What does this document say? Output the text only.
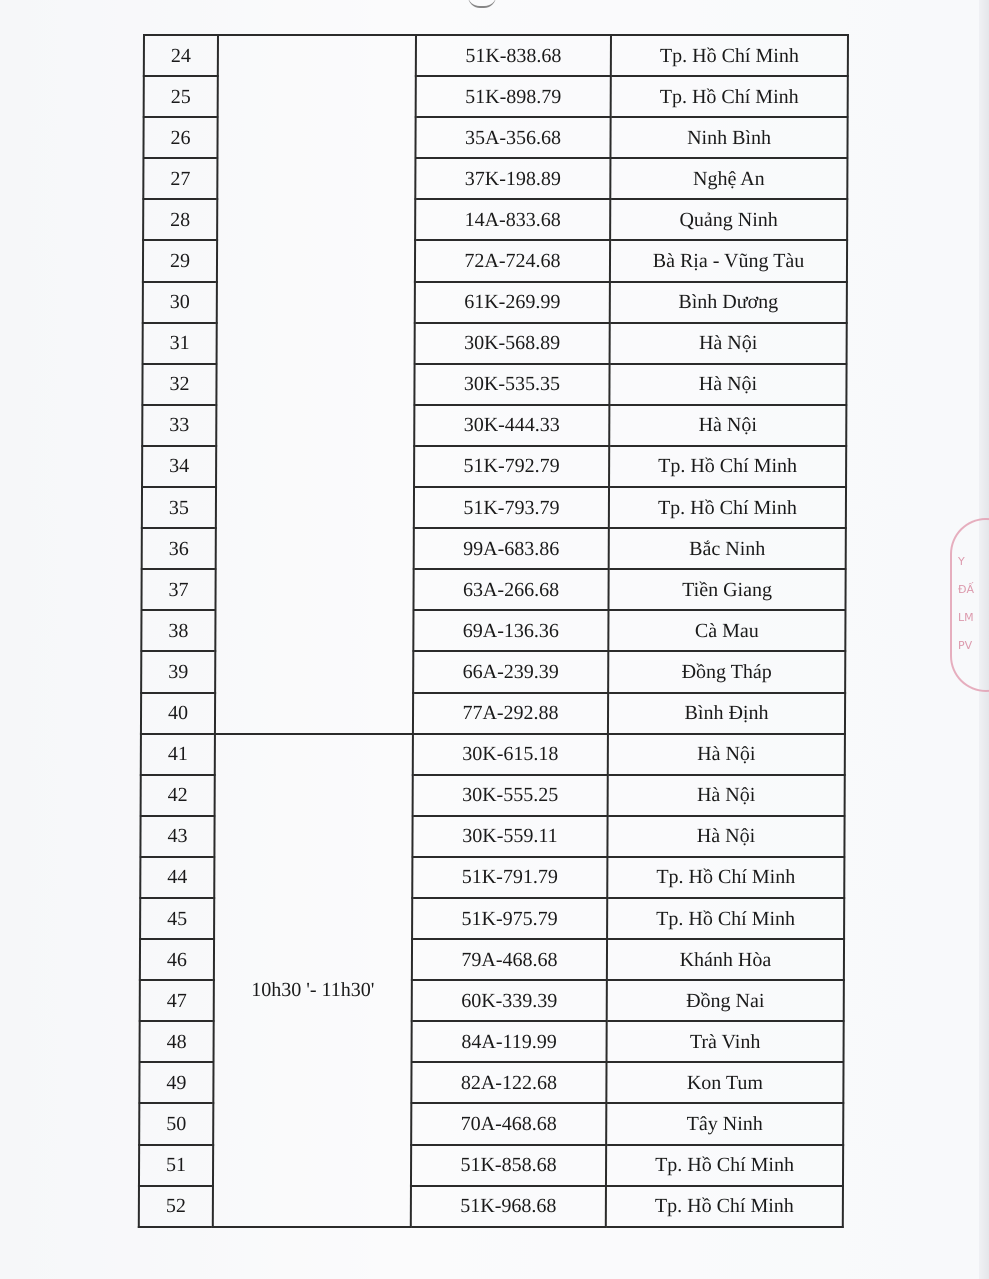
24		51K-838.68	Tp. Hồ Chí Minh
25		51K-898.79	Tp. Hồ Chí Minh
26		35A-356.68	Ninh Bình
27		37K-198.89	Nghệ An
28		14A-833.68	Quảng Ninh
29		72A-724.68	Bà Rịa - Vũng Tàu
30		61K-269.99	Bình Dương
31		30K-568.89	Hà Nội
32		30K-535.35	Hà Nội
33		30K-444.33	Hà Nội
34		51K-792.79	Tp. Hồ Chí Minh
35		51K-793.79	Tp. Hồ Chí Minh
36		99A-683.86	Bắc Ninh
37		63A-266.68	Tiền Giang
38		69A-136.36	Cà Mau
39		66A-239.39	Đồng Tháp
40		77A-292.88	Bình Định
41	10h30 '- 11h30'	30K-615.18	Hà Nội
42		30K-555.25	Hà Nội
43		30K-559.11	Hà Nội
44		51K-791.79	Tp. Hồ Chí Minh
45		51K-975.79	Tp. Hồ Chí Minh
46		79A-468.68	Khánh Hòa
47		60K-339.39	Đồng Nai
48		84A-119.99	Trà Vinh
49		82A-122.68	Kon Tum
50		70A-468.68	Tây Ninh
51		51K-858.68	Tp. Hồ Chí Minh
52		51K-968.68	Tp. Hồ Chí Minh
Y
ĐẤ
LM
PV
